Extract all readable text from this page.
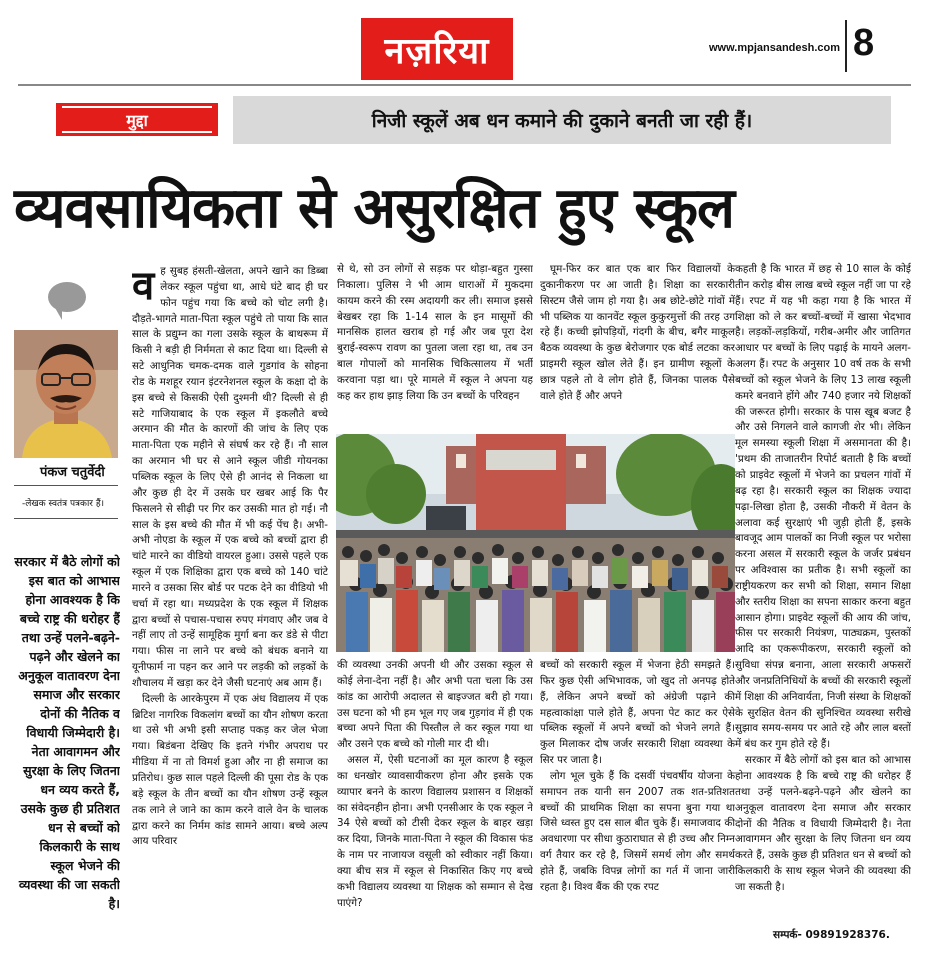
नज़रिया	www.mpjansandesh.com 8
मुद्दा	निजी स्कूलें अब धन कमाने की दुकाने बनती जा रही हैं।
व्यवसायिकता से असुरक्षित हुए स्कूल
पंकज चतुर्वेदी
-लेखक स्वतंत्र पत्रकार हैं।
सरकार में बैठे लोगों को इस बात को आभास होना आवश्यक है कि बच्चे राष्ट्र की धरोहर हैं तथा उन्हें पलने-बढ़ने-पढ़ने और खेलने का अनुकूल वातावरण देना समाज और सरकार दोनों की नैतिक व विधायी जिम्मेदारी है। नेता आवागमन और सुरक्षा के लिए जितना धन व्यय करते हैं, उसके कुछ ही प्रतिशत धन से बच्चों को किलकारी के साथ स्कूल भेजने की व्यवस्था की जा सकती है।
व ह सुबह हंसती-खेलता, अपने खाने का डिब्बा लेकर स्कूल पहुंचा था, आधे घंटे बाद ही घर फोन पहुंच गया कि बच्चे को चोट लगी है। दौड़ते-भागते माता-पिता स्कूल पहुंचे तो पाया कि सात साल के प्रद्युम्न का गला उसके स्कूल के बाथरूम में किसी ने बड़ी ही निर्ममता से काट दिया था। दिल्ली से सटे आधुनिक चमक-दमक वाले गुडगांव के सोहना रोड के मशहूर रयान इंटरनेशनल स्कूल के कक्षा दो के इस बच्चे से किसकी ऐसी दुश्मनी थी? दिल्ली से ही सटे गाजियाबाद के एक स्कूल में इकलौते बच्चे अरमान की मौत के कारणों की जांच के लिए एक माता-पिता एक महीने से संघर्ष कर रहे हैं। नौ साल का अरमान भी घर से आने स्कूल जीडी गोयनका पब्लिक स्कूल के लिए ऐसे ही आनंद से निकला था और कुछ ही देर में उसके घर खबर आई कि पैर फिसलने से सीढ़ी पर गिर कर उसकी मात हो गई। नौ साल के इस बच्चे की मौत में भी कई पेंच है। अभी-अभी नोएडा के स्कूल में एक बच्चे को बच्चों द्वारा ही चांटे मारने का वीडियो वायरल हुआ। उससे पहले एक स्कूल में एक शिक्षिका द्वारा एक बच्चे को 140 चांटे मारने व उसका सिर बोर्ड पर पटक देने का वीडियो भी चर्चा में रहा था। मध्यप्रदेश के एक स्कूल में शिक्षक द्वारा बच्चों से पचास-पचास रुपए मंगवाए और जब वे नहीं लाए तो उन्हें सामूहिक मुर्गा बना कर डंडे से पीटा गया। फीस ना लाने पर बच्चे को बंधक बनाने या यूनीफार्म ना पहन कर आने पर लड़की को लड़कों के शौचालय में खड़ा कर देने जैसी घटनाएं अब आम हैं।

दिल्ली के आरकेपुरम में एक अंध विद्यालय में एक ब्रिटिश नागरिक विकलांग बच्चों का यौन शोषण करता था उसे भी अभी इसी सप्ताह पकड़ कर जेल भेजा गया। बिडंबना देखिए कि इतने गंभीर अपराध पर मीडिया में ना तो विमर्श हुआ और ना ही समाज का प्रतिरोध। कुछ साल पहले दिल्ली की पूसा रोड के एक बड़े स्कूल के तीन बच्चों का यौन शोषण उन्हें स्कूल तक लाने ले जाने का काम करने वाले वेन के चालक द्वारा करने का निर्मम कांड सामने आया। बच्चे अल्प आय परिवार

से थे, सो उन लोगों से सड़क पर थोड़ा-बहुत गुस्सा निकाला। पुलिस ने भी आम धाराओं में मुकदमा कायम करने की रस्म अदायगी कर ली। समाज इससे बेखबर रहा कि 1-14 साल के इन मासूमों की मानसिक हालत खराब हो गई और जब पूरा देश बुराई-स्वरूप रावण का पुतला जला रहा था, तब उन बाल गोपालों को मानसिक चिकित्सालय में भर्ती करवाना पड़ा था। पूरे मामले में स्कूल ने अपना यह कह कर हाथ झाड़ लिया कि उन बच्चों के परिवहन

घूम-फिर कर बात एक बार फिर विद्यालयों के दुकानीकरण पर आ जाती है। शिक्षा का सरकारी सिस्टम जैसे जाम हो गया है। अब छोटे-छोटे गांवों में भी पब्लिक या कानवेंट स्कूल कुकुरमुत्तों की तरह उग रहे हैं। कच्ची झोपड़ियों, गंदगी के बीच, बगैर माकूल बैठक व्यवस्था के कुछ बेरोजगार एक बोर्ड लटका कर प्राइमरी स्कूल खोल लेते हैं। इन ग्रामीण स्कूलों के छात्र पहले तो वे लोग होते हैं, जिनका पालक पैसे वाले होते हैं और अपने

कहती है कि भारत में छह से 10 साल के कोई तीन करोड़ बीस लाख बच्चे स्कूल नहीं जा पा रहे हैं। रपट में यह भी कहा गया है कि भारत में शिक्षा को ले कर बच्चों-बच्चों में खासा भेदभाव है। लड़कों-लड़कियों, गरीब-अमीर और जातिगत आधार पर बच्चों के लिए पढ़ाई के मायने अलग-अलग हैं। रपट के अनुसार 10 वर्ष तक के सभी बच्चों को स्कूल भेजने के लिए 13 लाख स्कूली कमरे बनवाने होंगे और 740 हजार नये शिक्षकों की जरूरत होगी। सरकार के पास खूब बजट है और उसे निगलने वाले कागजी शेर भी। लेकिन मूल समस्या स्कूली शिक्षा में असमानता की है। 'प्रथम की ताजातरीन रिपोर्ट बताती है कि बच्चों को प्राइवेट स्कूलों में भेजने का प्रचलन गांवों में बढ़ रहा है। सरकारी स्कूल का शिक्षक ज्यादा पढ़ा-लिखा होता है, उसकी नौकरी में वेतन के अलावा कई सुरक्षाएं भी जुड़ी होती हैं, इसके बावजूद आम पालकों का निजी स्कूल पर भरोसा करना असल में सरकारी स्कूल के जर्जर प्रबंधन पर अविश्वास का प्रतीक है। सभी स्कूलों का राष्ट्रीयकरण कर सभी को शिक्षा, समान शिक्षा और स्तरीय शिक्षा का सपना साकार करना बहुत आसान होगा। प्राइवेट स्कूलों की आय की जांच, फीस पर सरकारी नियंत्रण, पाठ्यक्रम, पुस्तकों आदि का एकरूपीकरण, सरकारी स्कूलों को सुविधा संपन्न बनाना, आला सरकारी अफसरों और जनप्रतिनिधियों के बच्चों की सरकारी स्कूलों में शिक्षा की अनिवार्यता, निजी संस्था के शिक्षकों के सुरक्षित वेतन की सुनिश्चित व्यवस्था सरीखे सुझाव समय-समय पर आते रहे और लाल बस्तों में बंध कर गुम होते रहे हैं।

सरकार में बैठे लोगों को इस बात को आभास होना आवश्यक है कि बच्चे राष्ट्र की धरोहर हैं तथा उन्हें पलने-बढ़ने-पढ़ने और खेलने का अनुकूल वातावरण देना समाज और सरकार दोनों की नैतिक व विधायी जिम्मेदारी है। नेता आवागमन और सुरक्षा के लिए जितना धन व्यय करते हैं, उसके कुछ ही प्रतिशत धन से बच्चों को किलकारी के साथ स्कूल भेजने की व्यवस्था की जा सकती है।

की व्यवस्था उनकी अपनी थी और उसका स्कूल से कोई लेना-देना नहीं है। और अभी पता चला कि उस कांड का आरोपी अदालत से बाइज्जत बरी हो गया। उस घटना को भी हम भूल गए जब गुड़गांव में ही एक बच्चा अपने पिता की पिस्तौल ले कर स्कूल गया था और उसने एक बच्चे को गोली मार दी थी।

असल में, ऐसी घटनाओं का मूल कारण है स्कूल का धनखोर व्यावसायीकरण होना और इसके एक व्यापार बनने के कारण विद्यालय प्रशासन व शिक्षकों का संवेदनहीन होना। अभी एनसीआर के एक स्कूल ने 34 ऐसे बच्चों को टीसी देकर स्कूल के बाहर खड़ा कर दिया, जिनके माता-पिता ने स्कूल की विकास फंड के नाम पर नाजायज वसूली को स्वीकार नहीं किया। क्या बीच सत्र में स्कूल से निकासित किए गए बच्चे कभी विद्यालय व्यवस्था या शिक्षक को सम्मान से देख पाएंगे?

बच्चों को सरकारी स्कूल में भेजना हेठी समझते हैं। फिर कुछ ऐसी अभिभावक, जो खुद तो अनपढ़ होते हैं, लेकिन अपने बच्चों को अंग्रेजी पढ़ाने की महत्वाकांक्षा पाले होते हैं, अपना पेट काट कर ऐसे पब्लिक स्कूलों में अपने बच्चों को भेजने लगते हैं। कुल मिलाकर दोष जर्जर सरकारी शिक्षा व्यवस्था के सिर पर जाता है।

लोग भूल चुके हैं कि दसवीं पंचवर्षीय योजना के समापन तक यानी सन 2007 तक शत-प्रतिशत बच्चों की प्राथमिक शिक्षा का सपना बुना गया था जिसे ध्वस्त हुए दस साल बीत चुके हैं। समाजवाद की अवधारणा पर सीधा कुठाराघात से ही उच्च और निम्न वर्ग तैयार कर रहे है, जिसमें समर्थ लोग और समर्थ होते हैं, जबकि विपन्न लोगों का गर्त में जाना जारी रहता है। विश्व बैंक की एक रपट

सम्पर्क- 09891928376.
